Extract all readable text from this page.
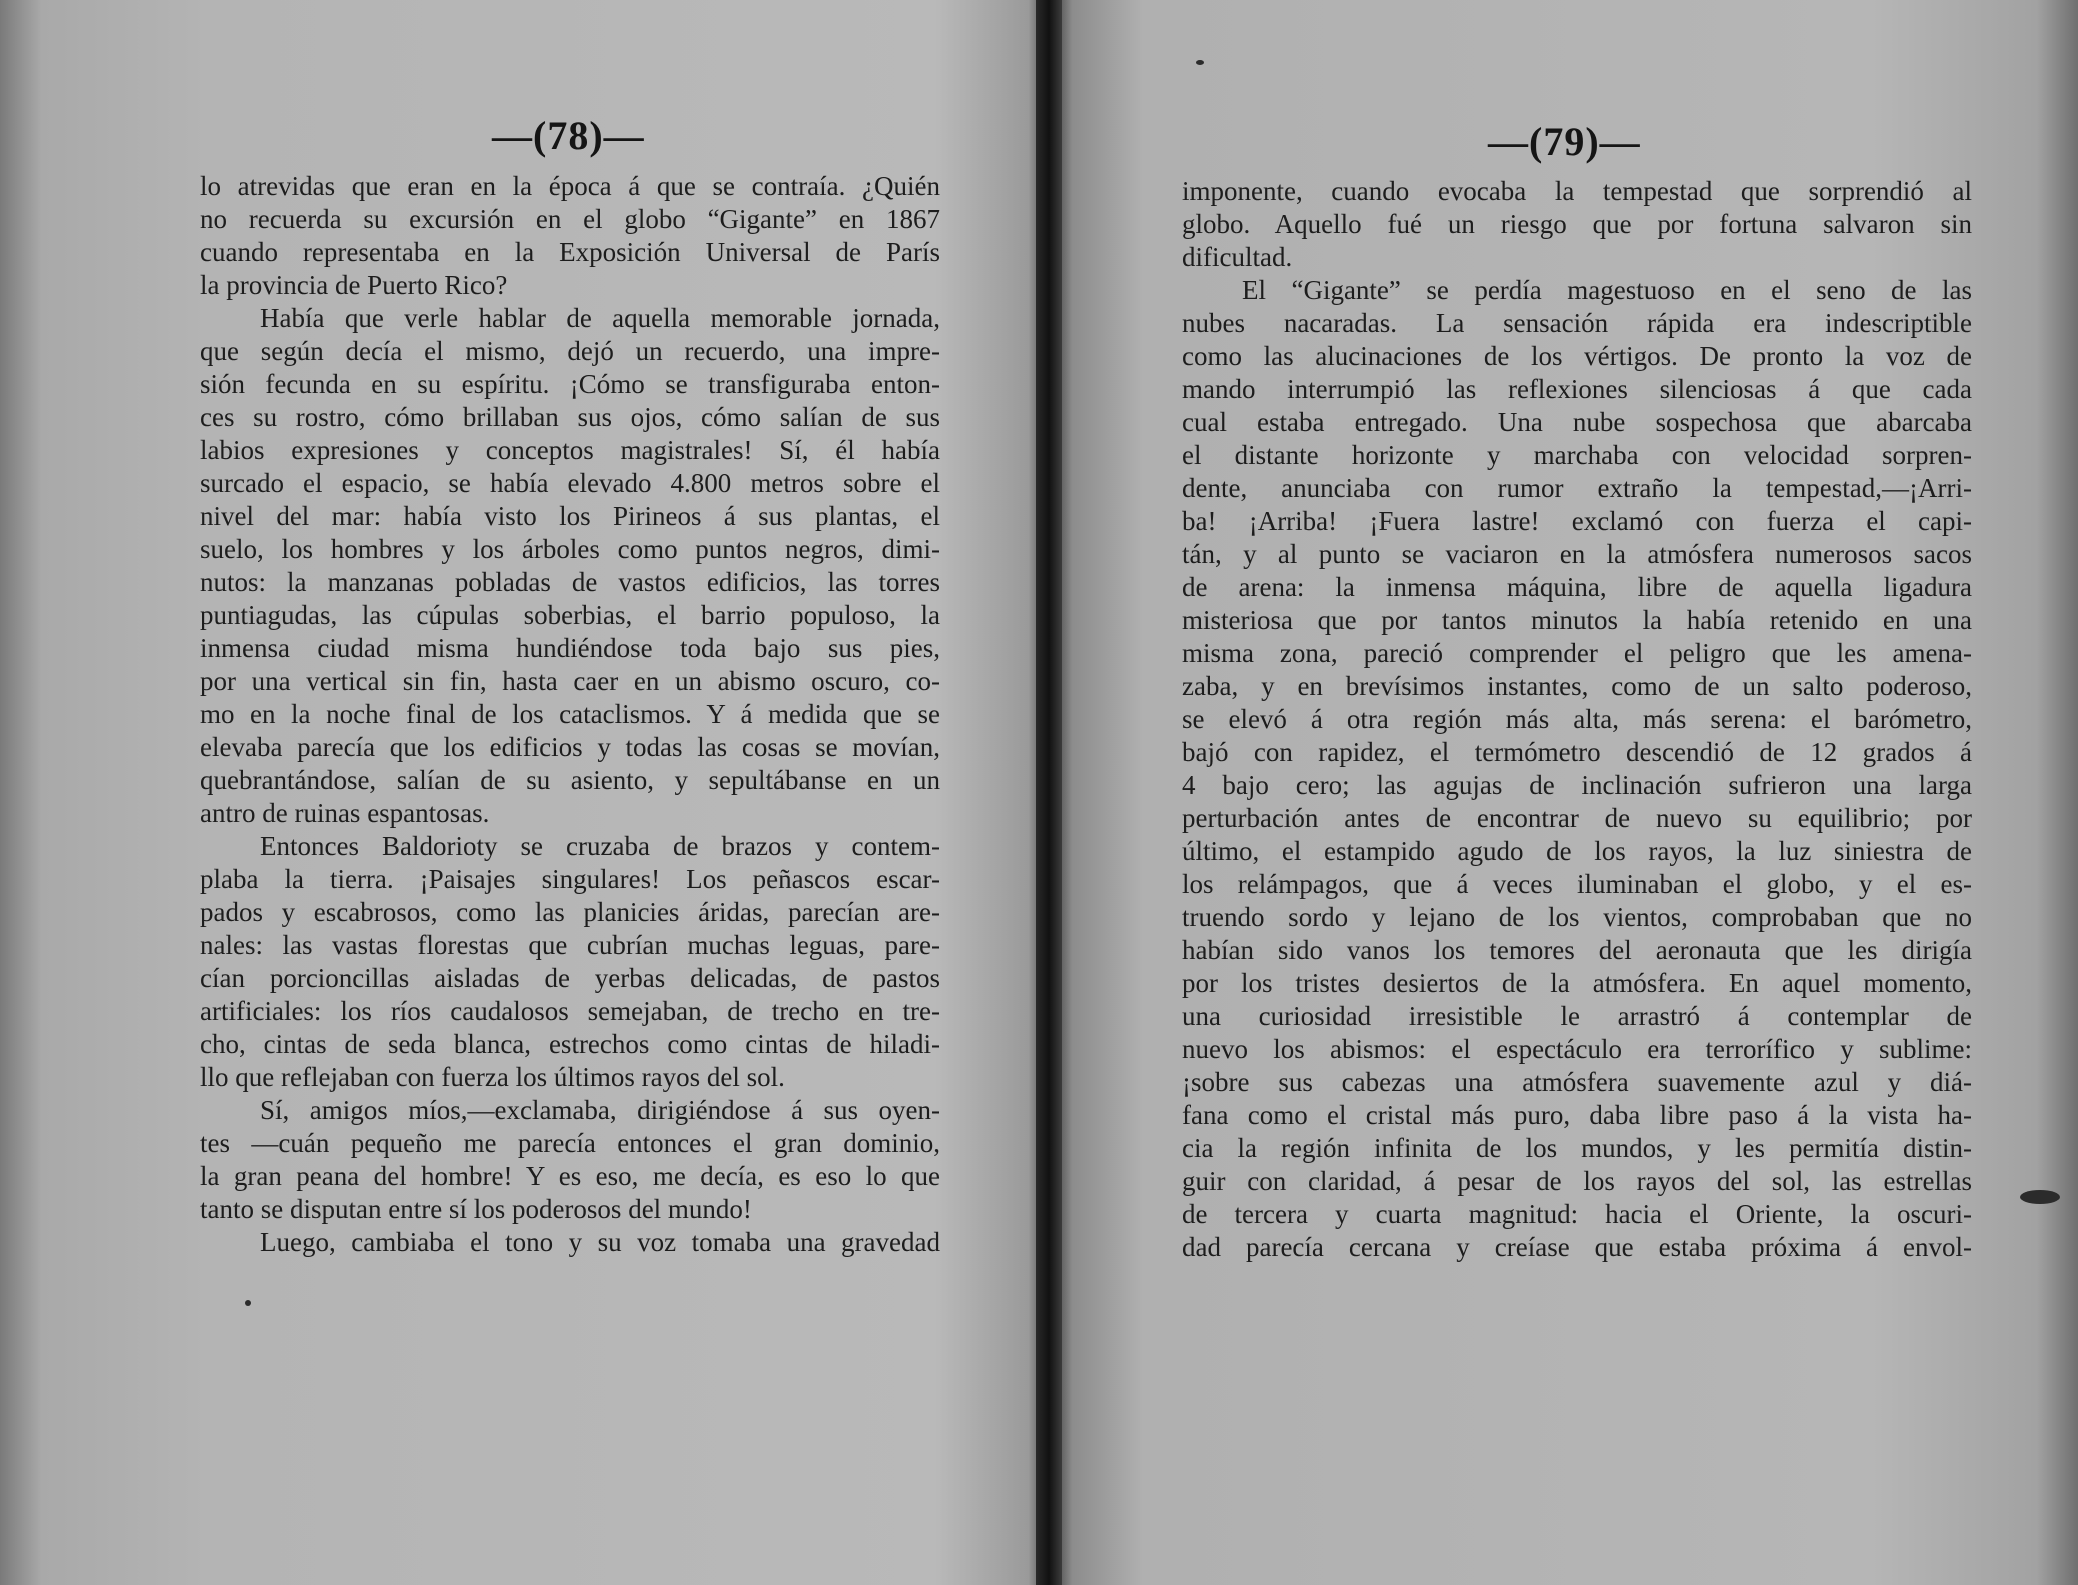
—(78)—
lo atrevidas que eran en la época á que se contraía. ¿Quién
no recuerda su excursión en el globo “Gigante” en 1867
cuando representaba en la Exposición Universal de París
la provincia de Puerto Rico?
Había que verle hablar de aquella memorable jornada,
que según decía el mismo, dejó un recuerdo, una impre-
sión fecunda en su espíritu. ¡Cómo se transfiguraba enton-
ces su rostro, cómo brillaban sus ojos, cómo salían de sus
labios expresiones y conceptos magistrales! Sí, él había
surcado el espacio, se había elevado 4.800 metros sobre el
nivel del mar: había visto los Pirineos á sus plantas, el
suelo, los hombres y los árboles como puntos negros, dimi-
nutos: la manzanas pobladas de vastos edificios, las torres
puntiagudas, las cúpulas soberbias, el barrio populoso, la
inmensa ciudad misma hundiéndose toda bajo sus pies,
por una vertical sin fin, hasta caer en un abismo oscuro, co-
mo en la noche final de los cataclismos. Y á medida que se
elevaba parecía que los edificios y todas las cosas se movían,
quebrantándose, salían de su asiento, y sepultábanse en un
antro de ruinas espantosas.
Entonces Baldorioty se cruzaba de brazos y contem-
plaba la tierra. ¡Paisajes singulares! Los peñascos escar-
pados y escabrosos, como las planicies áridas, parecían are-
nales: las vastas florestas que cubrían muchas leguas, pare-
cían porcioncillas aisladas de yerbas delicadas, de pastos
artificiales: los ríos caudalosos semejaban, de trecho en tre-
cho, cintas de seda blanca, estrechos como cintas de hiladi-
llo que reflejaban con fuerza los últimos rayos del sol.
Sí, amigos míos,—exclamaba, dirigiéndose á sus oyen-
tes —cuán pequeño me parecía entonces el gran dominio,
la gran peana del hombre! Y es eso, me decía, es eso lo que
tanto se disputan entre sí los poderosos del mundo!
Luego, cambiaba el tono y su voz tomaba una gravedad
—(79)—
imponente, cuando evocaba la tempestad que sorprendió al
globo. Aquello fué un riesgo que por fortuna salvaron sin
dificultad.
El “Gigante” se perdía magestuoso en el seno de las
nubes nacaradas. La sensación rápida era indescriptible
como las alucinaciones de los vértigos. De pronto la voz de
mando interrumpió las reflexiones silenciosas á que cada
cual estaba entregado. Una nube sospechosa que abarcaba
el distante horizonte y marchaba con velocidad sorpren-
dente, anunciaba con rumor extraño la tempestad,—¡Arri-
ba! ¡Arriba! ¡Fuera lastre! exclamó con fuerza el capi-
tán, y al punto se vaciaron en la atmósfera numerosos sacos
de arena: la inmensa máquina, libre de aquella ligadura
misteriosa que por tantos minutos la había retenido en una
misma zona, pareció comprender el peligro que les amena-
zaba, y en brevísimos instantes, como de un salto poderoso,
se elevó á otra región más alta, más serena: el barómetro,
bajó con rapidez, el termómetro descendió de 12 grados á
4 bajo cero; las agujas de inclinación sufrieron una larga
perturbación antes de encontrar de nuevo su equilibrio; por
último, el estampido agudo de los rayos, la luz siniestra de
los relámpagos, que á veces iluminaban el globo, y el es-
truendo sordo y lejano de los vientos, comprobaban que no
habían sido vanos los temores del aeronauta que les dirigía
por los tristes desiertos de la atmósfera. En aquel momento,
una curiosidad irresistible le arrastró á contemplar de
nuevo los abismos: el espectáculo era terrorífico y sublime:
¡sobre sus cabezas una atmósfera suavemente azul y diá-
fana como el cristal más puro, daba libre paso á la vista ha-
cia la región infinita de los mundos, y les permitía distin-
guir con claridad, á pesar de los rayos del sol, las estrellas
de tercera y cuarta magnitud: hacia el Oriente, la oscuri-
dad parecía cercana y creíase que estaba próxima á envol-
